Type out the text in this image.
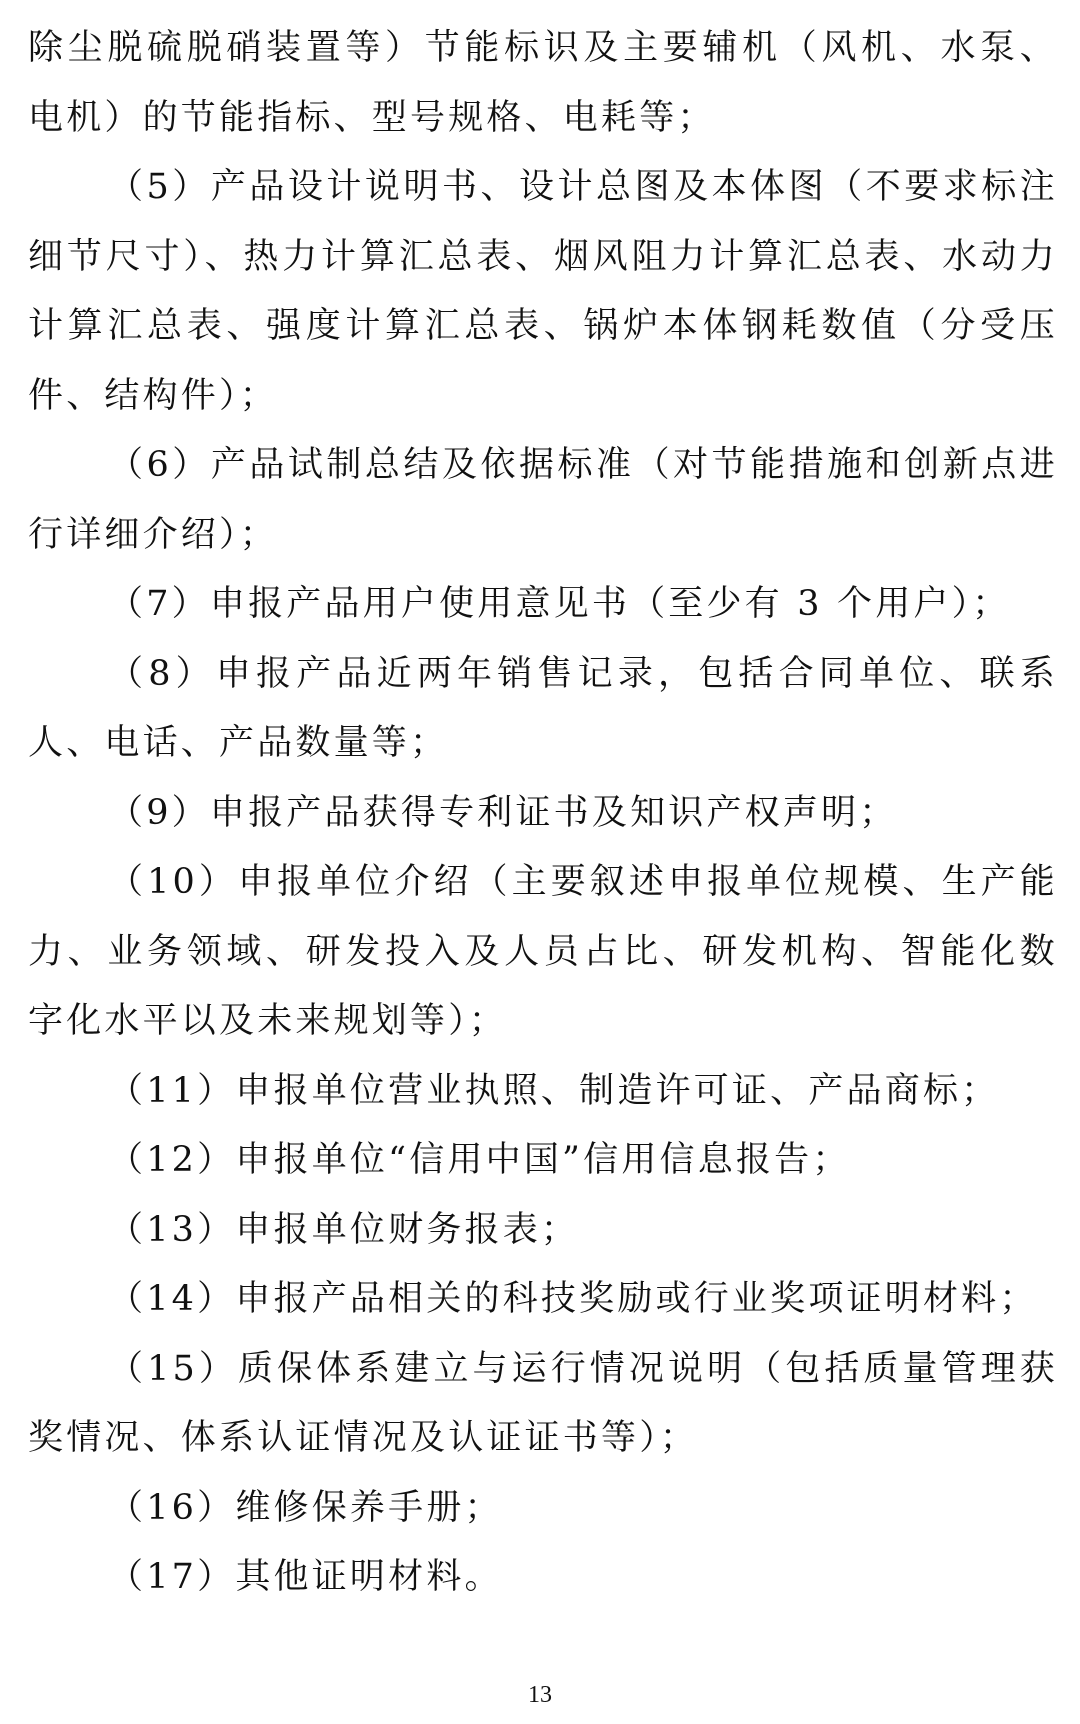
除尘脱硫脱硝装置等）节能标识及主要辅机（风机、水泵、电机）的节能指标、型号规格、电耗等；

（5）产品设计说明书、设计总图及本体图（不要求标注细节尺寸）、热力计算汇总表、烟风阻力计算汇总表、水动力计算汇总表、强度计算汇总表、锅炉本体钢耗数值（分受压件、结构件）；

（6）产品试制总结及依据标准（对节能措施和创新点进行详细介绍）；

（7）申报产品用户使用意见书（至少有 3 个用户）；

（8）申报产品近两年销售记录，包括合同单位、联系人、电话、产品数量等；

（9）申报产品获得专利证书及知识产权声明；

（10）申报单位介绍（主要叙述申报单位规模、生产能力、业务领域、研发投入及人员占比、研发机构、智能化数字化水平以及未来规划等）；

（11）申报单位营业执照、制造许可证、产品商标；

（12）申报单位“信用中国”信用信息报告；

（13）申报单位财务报表；

（14）申报产品相关的科技奖励或行业奖项证明材料；

（15）质保体系建立与运行情况说明（包括质量管理获奖情况、体系认证情况及认证证书等）；

（16）维修保养手册；

（17）其他证明材料。

13
